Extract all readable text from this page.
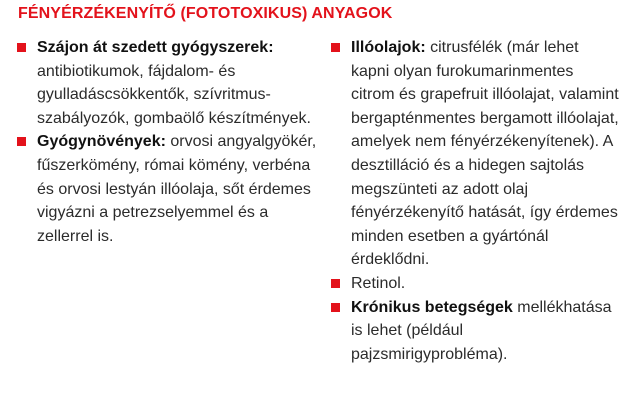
FÉNYÉRZÉKENYÍTŐ (FOTOTOXIKUS) ANYAGOK
Szájon át szedett gyógyszerek: antibiotikumok, fájdalom- és gyulladáscsökkentők, szívritmus-szabályozók, gombaölő készítmények.
Gyógynövények: orvosi angyalgyökér, fűszerkömény, római kömény, verbéna és orvosi lestyán illóolaja, sőt érdemes vigyázni a petrezselyemmel és a zellerrel is.
Illóolajok: citrusfélék (már lehet kapni olyan furokumarinmentes citrom és grapefruit illóolajat, valamint bergapténmentes bergamott illóolajat, amelyek nem fényérzékenyítenek). A desztilláció és a hidegen sajtolás megszünteti az adott olaj fényérzékenyítő hatását, így érdemes minden esetben a gyártónál érdeklődni.
Retinol.
Krónikus betegségek mellékhatása is lehet (például pajzsmirigyprobléma).
